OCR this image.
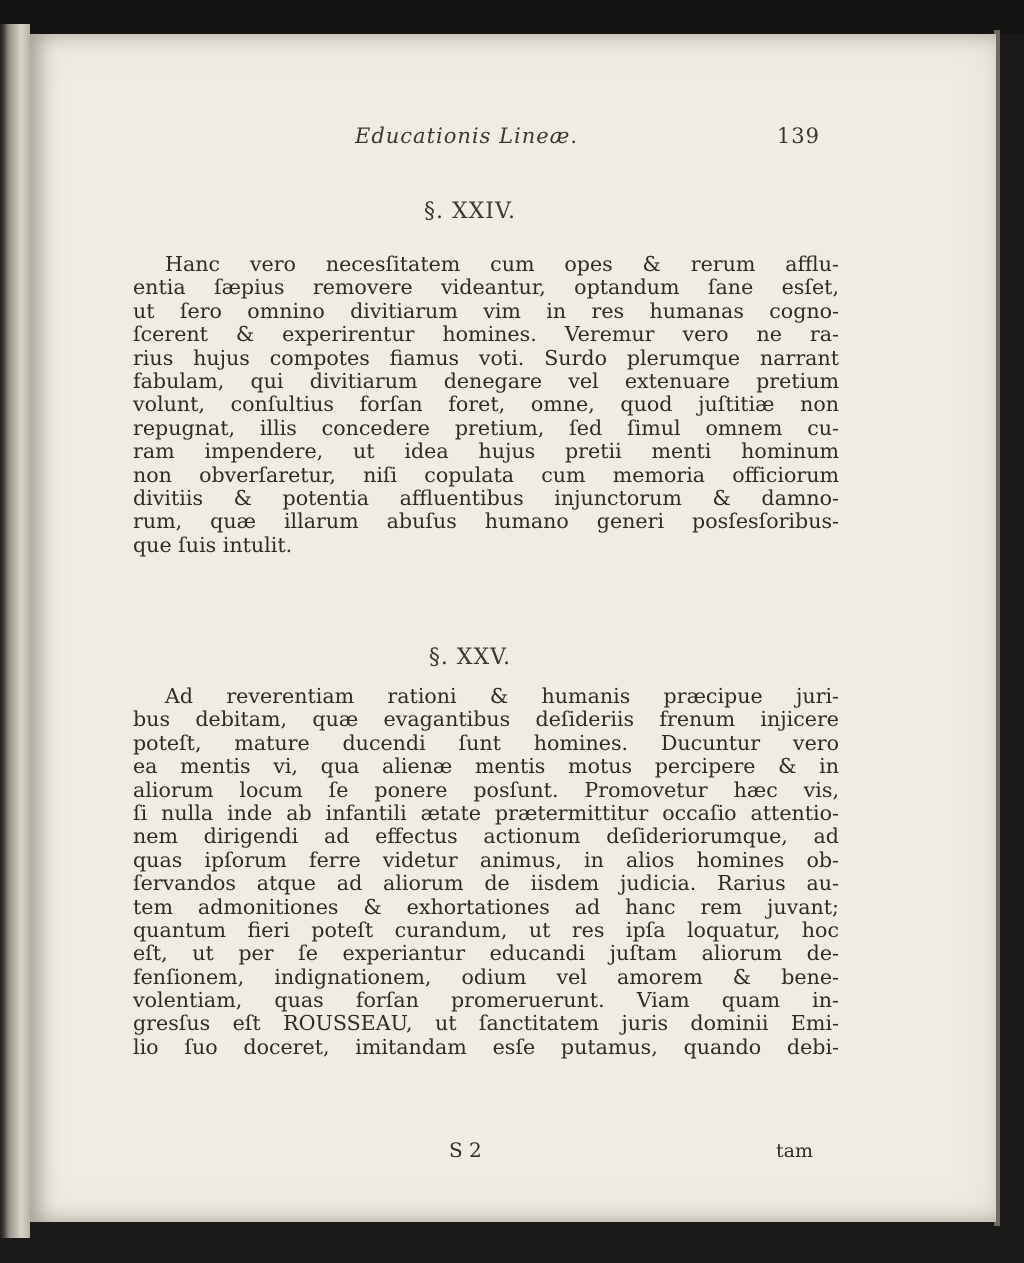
Educationis Lineæ.	139
§. XXIV.
Hanc vero necesſitatem cum opes & rerum afflu-
entia ſæpius removere videantur, optandum ſane esſet,
ut ſero omnino divitiarum vim in res humanas cogno-
ſcerent & experirentur homines. Veremur vero ne ra-
rius hujus compotes fiamus voti. Surdo plerumque narrant
fabulam, qui divitiarum denegare vel extenuare pretium
volunt, conſultius forſan foret, omne, quod juſtitiæ non
repugnat, illis concedere pretium, ſed ſimul omnem cu-
ram impendere, ut idea hujus pretii menti hominum
non obverſaretur, niſi copulata cum memoria officiorum
divitiis & potentia affluentibus injunctorum & damno-
rum, quæ illarum abuſus humano generi posſesſoribus-
que ſuis intulit.
§. XXV.
Ad reverentiam rationi & humanis præcipue juri-
bus debitam, quæ evagantibus deſideriis frenum injicere
poteſt, mature ducendi ſunt homines. Ducuntur vero
ea mentis vi, qua alienæ mentis motus percipere & in
aliorum locum ſe ponere posſunt. Promovetur hæc vis,
ſi nulla inde ab infantili ætate prætermittitur occaſio attentio-
nem dirigendi ad effectus actionum deſideriorumque, ad
quas ipſorum ferre videtur animus, in alios homines ob-
ſervandos atque ad aliorum de iisdem judicia. Rarius au-
tem admonitiones & exhortationes ad hanc rem juvant;
quantum fieri poteſt curandum, ut res ipſa loquatur, hoc
eſt, ut per ſe experiantur educandi juſtam aliorum de-
fenſionem, indignationem, odium vel amorem & bene-
volentiam, quas forſan promeruerunt. Viam quam in-
gresſus eſt ROUSSEAU, ut ſanctitatem juris dominii Emi-
lio ſuo doceret, imitandam esſe putamus, quando debi-
S 2	tam
